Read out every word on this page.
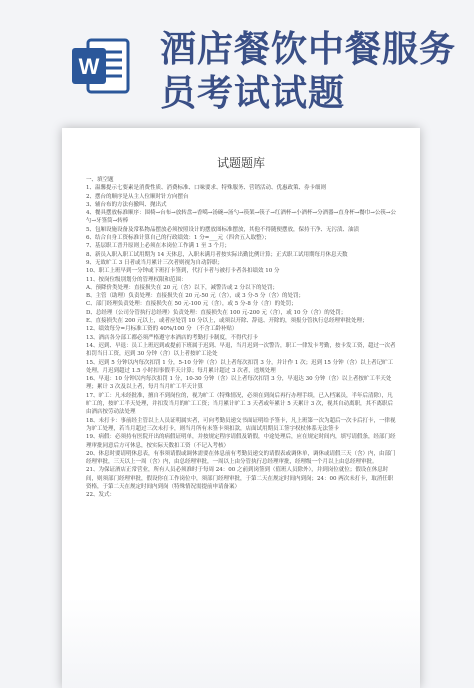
W 酒店餐饮中餐服务
员考试试题
试题题库
一、填空题
1、温馨提示七要素是消费性质、消费标准、口味要求、特殊服务、营销活动、优惠政策、券卡细则
2、摆台的顺序是从主人位顺时针方向摆台
3、辅台布的方法有撤叫、抛出式
4、餐具摆放标准顺序：围椅→台布→放转盘→香噶→汤碗→汤勺→筷架→筷子→红酒杯→小酒杯→分酒器→直身杯→餐巾→公筷→公勺→牙签筒→转棒
5、包厢设施设备及常私物品摆放必须按照设计的摆放图标准摆放，其他不得随便摆放，保持干净、无污渍、油渍
6、结合自身工资标准计算自己的行政绩效：1 分=___元（四舍五入取整）；
7、基层职工晋升原则上必须在本岗位工作满 1 至 3 个月；
8、新员入职入职工试用期为 14 天体息，入职未满月者按实际出勤比例计算；正式职工试用期每月休息天数
9、无故旷工 3 日者或当月累计三次者则视为自动辞职；
10、职工上班早到一分钟或下班打卡签到，代打卡者与被打卡者各扣绩效 10 分
11、按岗位级别划分的管理权限和范围：
A、预降价类处理：直接损失在 20 元（含）以下，减警告或 2 分以下的处罚；
B、主管（助理）负责处理：直接损失在 20 元-50 元（含），或 3 分-5 分（含）的处罚；
C、部门经理负责处理：直接损失在 50 元-100 元（含），或 5 分-8 分（含）的处罚；
D、总经理（公司分管执行总经理）负责处理：直接损失在 100 元-200 元（含），或 10 分（含）的处罚；
E、直接损失在 200 元以上，或者应处罚 10 分以上，或须以开除、辞退、开除的，须报分管执行总经理审批处理；
12、绩效每分=月标准工资的 40%/100 分 （不含工龄补贴）
13、酒店各分部工都必须严格遵守本酒店的考勤打卡制度，不得代打卡
14、迟到、早退：员工上班迟到或提前下班属于迟到、早退，当月迟到一次警告，职工一律发卡考勤，按卡发工资，超过一次者扣罚当日工资，迟到 30 分钟（含）以上者按旷工论处
15、迟到 5 分钟以内每次扣罚 1 分，5-10 分钟（含）以上者每次扣罚 3 分，并计作 1 次；迟到 15 分钟（含）以上者记旷工处理，月迟到超过 1.5 小时扣事假半天计算；每月累计超过 3 次者，违规处理
16、早退：10 分钟以内每次扣罚 1 分，10-30 分钟（含）以上者每次扣罚 3 分，早退达 30 分钟（含）以上者按旷工半天处理；累计 3 次及以上者，每月当月旷工半天计算
17、旷工：凡未经批准，擅自不到岗位的，视为旷工（特殊情况，必须在到岗后再行办理手续，已入档案员，半年后清除），凡旷工的，按旷工半天处理，并扣发当月的旷工工资；当月累计旷工 3 天者或年累计 5 天累计 3 次，视其自动离职，其不离职后由酒店按劳动法处理
18、未打卡：事前经主管以上人员证明属实者，可向考勤员递交书面证明给予签卡，凡上班第一次为超后一次卡后打卡，一律视为旷工处理，若当月超过三次未打卡，则当月所有未签卡须扣款，店面试用期员工签字权杖体系无法签卡
19、病假：必须持有医院开出的病假证明单，并按规定程序请假及销假，中途处理后，应在规定时间内，填写请假条，经部门经理审批同意后方可休息，按实际天数扣工资（不记入考核）
20、体息时要请明休息表，有事须请假或调休需要在体息前有考勤员递交的请假表或调休单，调休或请假三天（含）内，由部门经理审批，三天以上一周（含）内，由总经理审批，一周以上由分管执行总经理审批，经理级一个月以上由总经理审批。
21、为保证酒店正常营业，所有人员必须准时于每周 24：00 之前到岗签到（值班人员除外），并到岗位就位；假设在休息时间，则须部门经理审批，假设你在工作岗位中，须部门经理审批，于第二天在规定时间内到岗；24：00 两次未打卡，取消任职资格，于第二天在规定时间内到岗（特殊情况需提前申请备案）
22、发式：
